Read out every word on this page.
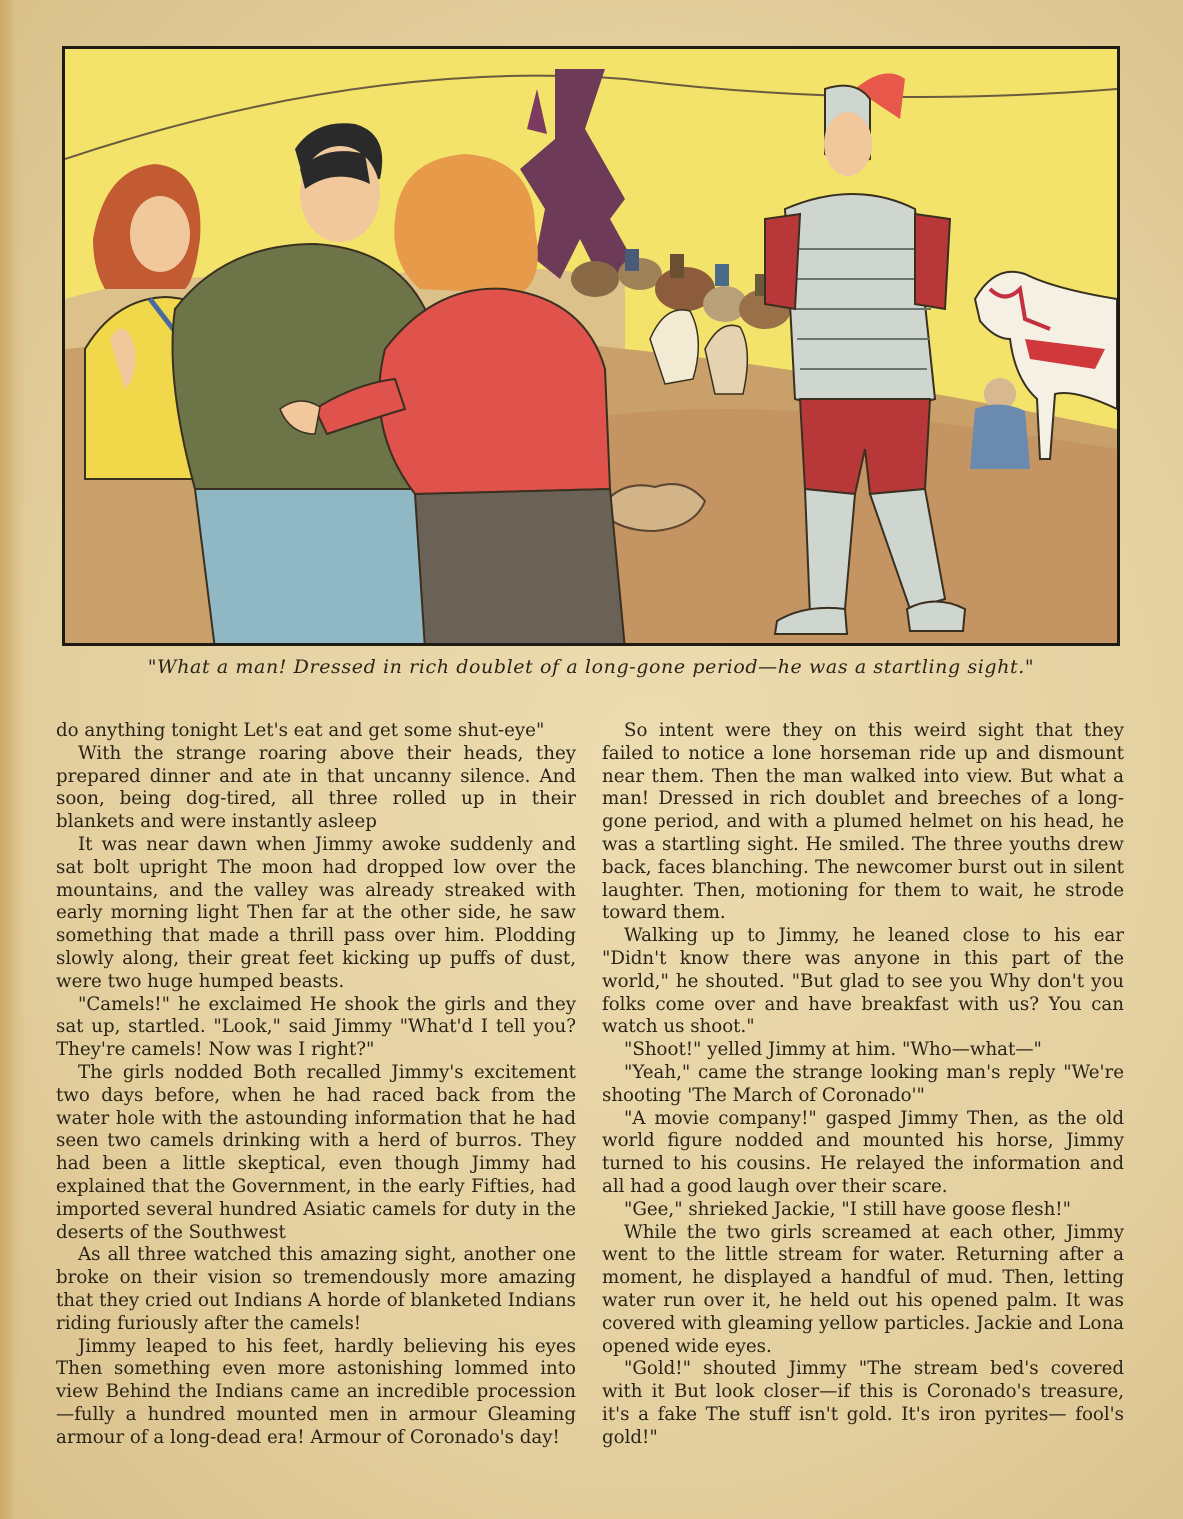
"What a man! Dressed in rich doublet of a long-gone period—he was a startling sight."

do anything tonight Let's eat and get some shut-eye"

With the strange roaring above their heads, they prepared dinner and ate in that uncanny silence. And soon, being dog-tired, all three rolled up in their blankets and were instantly asleep

It was near dawn when Jimmy awoke suddenly and sat bolt upright The moon had dropped low over the mountains, and the valley was already streaked with early morning light Then far at the other side, he saw something that made a thrill pass over him. Plodding slowly along, their great feet kicking up puffs of dust, were two huge humped beasts.

"Camels!" he exclaimed He shook the girls and they sat up, startled. "Look," said Jimmy "What'd I tell you? They're camels! Now was I right?"

The girls nodded Both recalled Jimmy's excitement two days before, when he had raced back from the water hole with the astounding information that he had seen two camels drinking with a herd of burros. They had been a little skeptical, even though Jimmy had explained that the Government, in the early Fifties, had imported several hundred Asiatic camels for duty in the deserts of the Southwest

As all three watched this amazing sight, another one broke on their vision so tremendously more amazing that they cried out Indians A horde of blanketed Indians riding furiously after the camels!

Jimmy leaped to his feet, hardly believing his eyes Then something even more astonishing lommed into view Behind the Indians came an incredible procession —fully a hundred mounted men in armour Gleaming armour of a long-dead era! Armour of Coronado's day!

So intent were they on this weird sight that they failed to notice a lone horseman ride up and dismount near them. Then the man walked into view. But what a man! Dressed in rich doublet and breeches of a long-gone period, and with a plumed helmet on his head, he was a startling sight. He smiled. The three youths drew back, faces blanching. The newcomer burst out in silent laughter. Then, motioning for them to wait, he strode toward them.

Walking up to Jimmy, he leaned close to his ear "Didn't know there was anyone in this part of the world," he shouted. "But glad to see you Why don't you folks come over and have breakfast with us? You can watch us shoot."

"Shoot!" yelled Jimmy at him. "Who—what—"

"Yeah," came the strange looking man's reply "We're shooting 'The March of Coronado'"

"A movie company!" gasped Jimmy Then, as the old world figure nodded and mounted his horse, Jimmy turned to his cousins. He relayed the information and all had a good laugh over their scare.

"Gee," shrieked Jackie, "I still have goose flesh!"

While the two girls screamed at each other, Jimmy went to the little stream for water. Returning after a moment, he displayed a handful of mud. Then, letting water run over it, he held out his opened palm. It was covered with gleaming yellow particles. Jackie and Lona opened wide eyes.

"Gold!" shouted Jimmy "The stream bed's covered with it But look closer—if this is Coronado's treasure, it's a fake The stuff isn't gold. It's iron pyrites— fool's gold!"
